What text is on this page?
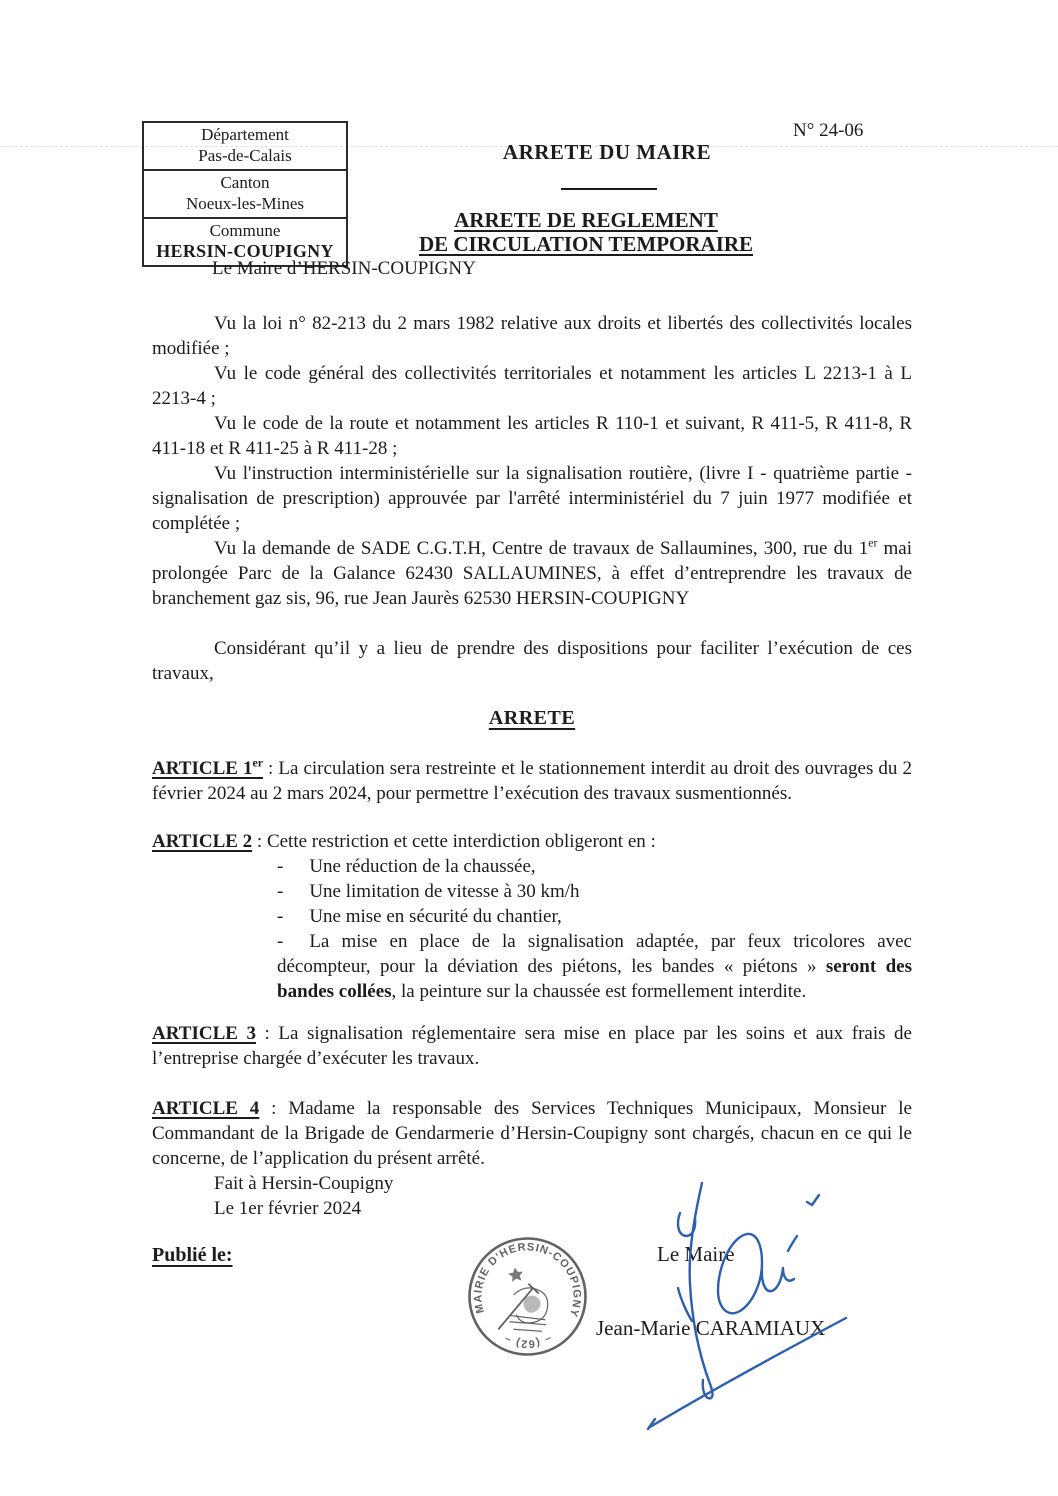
Département
Pas-de-Calais
Canton
Noeux-les-Mines
Commune
HERSIN-COUPIGNY
N° 24-06
ARRETE DU MAIRE
ARRETE DE REGLEMENT
DE CIRCULATION TEMPORAIRE

Le Maire d’HERSIN-COUPIGNY

Vu la loi n° 82-213 du 2 mars 1982 relative aux droits et libertés des collectivités locales modifiée ;

Vu le code général des collectivités territoriales et notamment les articles L 2213-1 à L 2213-4 ;

Vu le code de la route et notamment les articles R 110-1 et suivant, R 411-5, R 411-8, R 411-18 et R 411-25 à R 411-28 ;

Vu l'instruction interministérielle sur la signalisation routière, (livre I - quatrième partie - signalisation de prescription) approuvée par l'arrêté interministériel du 7 juin 1977 modifiée et complétée ;

Vu la demande de SADE C.G.T.H, Centre de travaux de Sallaumines, 300, rue du 1er mai prolongée Parc de la Galance 62430 SALLAUMINES, à effet d’entreprendre les travaux de branchement gaz sis, 96, rue Jean Jaurès 62530 HERSIN-COUPIGNY

Considérant qu’il y a lieu de prendre des dispositions pour faciliter l’exécution de ces travaux,

ARRETE

ARTICLE 1er : La circulation sera restreinte et le stationnement interdit au droit des ouvrages du 2 février 2024 au 2 mars 2024, pour permettre l’exécution des travaux susmentionnés.

ARTICLE 2 : Cette restriction et cette interdiction obligeront en :

- Une réduction de la chaussée,

- Une limitation de vitesse à 30 km/h

- Une mise en sécurité du chantier,

- La mise en place de la signalisation adaptée, par feux tricolores avec décompteur, pour la déviation des piétons, les bandes « piétons » seront des bandes collées, la peinture sur la chaussée est formellement interdite.

ARTICLE 3 : La signalisation réglementaire sera mise en place par les soins et aux frais de l’entreprise chargée d’exécuter les travaux.

ARTICLE 4 : Madame la responsable des Services Techniques Municipaux, Monsieur le Commandant de la Brigade de Gendarmerie d’Hersin-Coupigny sont chargés, chacun en ce qui le concerne, de l’application du présent arrêté.

Fait à Hersin-Coupigny

Le 1er février 2024

Publié le:

MAIRIE D'HERSIN-COUPIGNY
– (62) –
Le Maire
Jean-Marie CARAMIAUX
